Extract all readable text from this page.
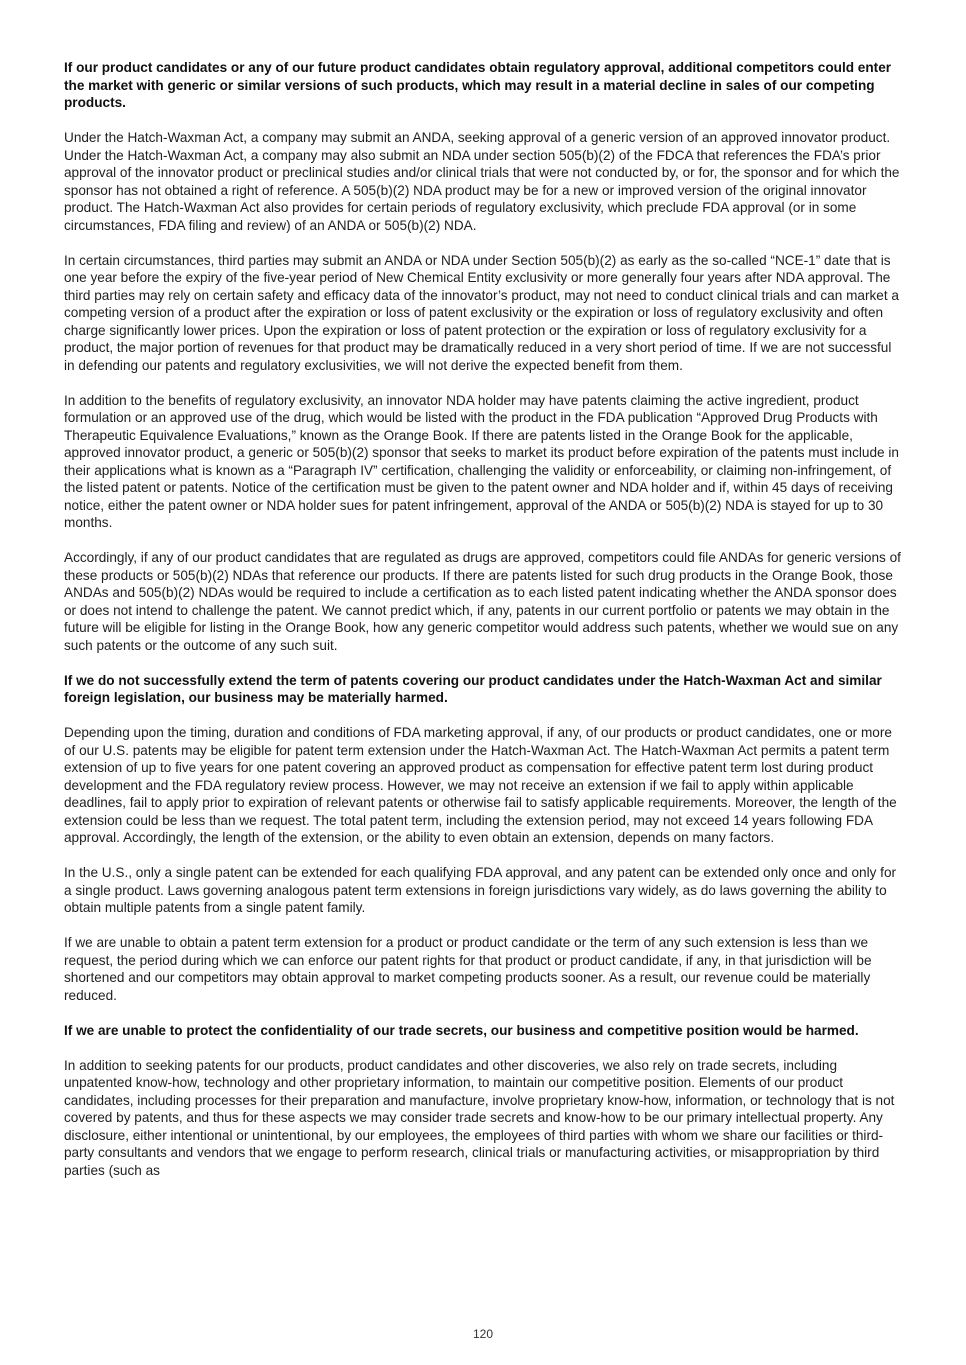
If our product candidates or any of our future product candidates obtain regulatory approval, additional competitors could enter the market with generic or similar versions of such products, which may result in a material decline in sales of our competing products.

Under the Hatch-Waxman Act, a company may submit an ANDA, seeking approval of a generic version of an approved innovator product. Under the Hatch-Waxman Act, a company may also submit an NDA under section 505(b)(2) of the FDCA that references the FDA’s prior approval of the innovator product or preclinical studies and/or clinical trials that were not conducted by, or for, the sponsor and for which the sponsor has not obtained a right of reference. A 505(b)(2) NDA product may be for a new or improved version of the original innovator product. The Hatch-Waxman Act also provides for certain periods of regulatory exclusivity, which preclude FDA approval (or in some circumstances, FDA filing and review) of an ANDA or 505(b)(2) NDA.

In certain circumstances, third parties may submit an ANDA or NDA under Section 505(b)(2) as early as the so-called “NCE-1” date that is one year before the expiry of the five-year period of New Chemical Entity exclusivity or more generally four years after NDA approval. The third parties may rely on certain safety and efficacy data of the innovator’s product, may not need to conduct clinical trials and can market a competing version of a product after the expiration or loss of patent exclusivity or the expiration or loss of regulatory exclusivity and often charge significantly lower prices. Upon the expiration or loss of patent protection or the expiration or loss of regulatory exclusivity for a product, the major portion of revenues for that product may be dramatically reduced in a very short period of time. If we are not successful in defending our patents and regulatory exclusivities, we will not derive the expected benefit from them.

In addition to the benefits of regulatory exclusivity, an innovator NDA holder may have patents claiming the active ingredient, product formulation or an approved use of the drug, which would be listed with the product in the FDA publication “Approved Drug Products with Therapeutic Equivalence Evaluations,” known as the Orange Book. If there are patents listed in the Orange Book for the applicable, approved innovator product, a generic or 505(b)(2) sponsor that seeks to market its product before expiration of the patents must include in their applications what is known as a “Paragraph IV” certification, challenging the validity or enforceability, or claiming non-infringement, of the listed patent or patents. Notice of the certification must be given to the patent owner and NDA holder and if, within 45 days of receiving notice, either the patent owner or NDA holder sues for patent infringement, approval of the ANDA or 505(b)(2) NDA is stayed for up to 30 months.

Accordingly, if any of our product candidates that are regulated as drugs are approved, competitors could file ANDAs for generic versions of these products or 505(b)(2) NDAs that reference our products. If there are patents listed for such drug products in the Orange Book, those ANDAs and 505(b)(2) NDAs would be required to include a certification as to each listed patent indicating whether the ANDA sponsor does or does not intend to challenge the patent. We cannot predict which, if any, patents in our current portfolio or patents we may obtain in the future will be eligible for listing in the Orange Book, how any generic competitor would address such patents, whether we would sue on any such patents or the outcome of any such suit.

If we do not successfully extend the term of patents covering our product candidates under the Hatch-Waxman Act and similar foreign legislation, our business may be materially harmed.

Depending upon the timing, duration and conditions of FDA marketing approval, if any, of our products or product candidates, one or more of our U.S. patents may be eligible for patent term extension under the Hatch-Waxman Act. The Hatch-Waxman Act permits a patent term extension of up to five years for one patent covering an approved product as compensation for effective patent term lost during product development and the FDA regulatory review process. However, we may not receive an extension if we fail to apply within applicable deadlines, fail to apply prior to expiration of relevant patents or otherwise fail to satisfy applicable requirements. Moreover, the length of the extension could be less than we request. The total patent term, including the extension period, may not exceed 14 years following FDA approval. Accordingly, the length of the extension, or the ability to even obtain an extension, depends on many factors.

In the U.S., only a single patent can be extended for each qualifying FDA approval, and any patent can be extended only once and only for a single product. Laws governing analogous patent term extensions in foreign jurisdictions vary widely, as do laws governing the ability to obtain multiple patents from a single patent family.

If we are unable to obtain a patent term extension for a product or product candidate or the term of any such extension is less than we request, the period during which we can enforce our patent rights for that product or product candidate, if any, in that jurisdiction will be shortened and our competitors may obtain approval to market competing products sooner. As a result, our revenue could be materially reduced.

If we are unable to protect the confidentiality of our trade secrets, our business and competitive position would be harmed.

In addition to seeking patents for our products, product candidates and other discoveries, we also rely on trade secrets, including unpatented know-how, technology and other proprietary information, to maintain our competitive position. Elements of our product candidates, including processes for their preparation and manufacture, involve proprietary know-how, information, or technology that is not covered by patents, and thus for these aspects we may consider trade secrets and know-how to be our primary intellectual property. Any disclosure, either intentional or unintentional, by our employees, the employees of third parties with whom we share our facilities or third-party consultants and vendors that we engage to perform research, clinical trials or manufacturing activities, or misappropriation by third parties (such as

120
